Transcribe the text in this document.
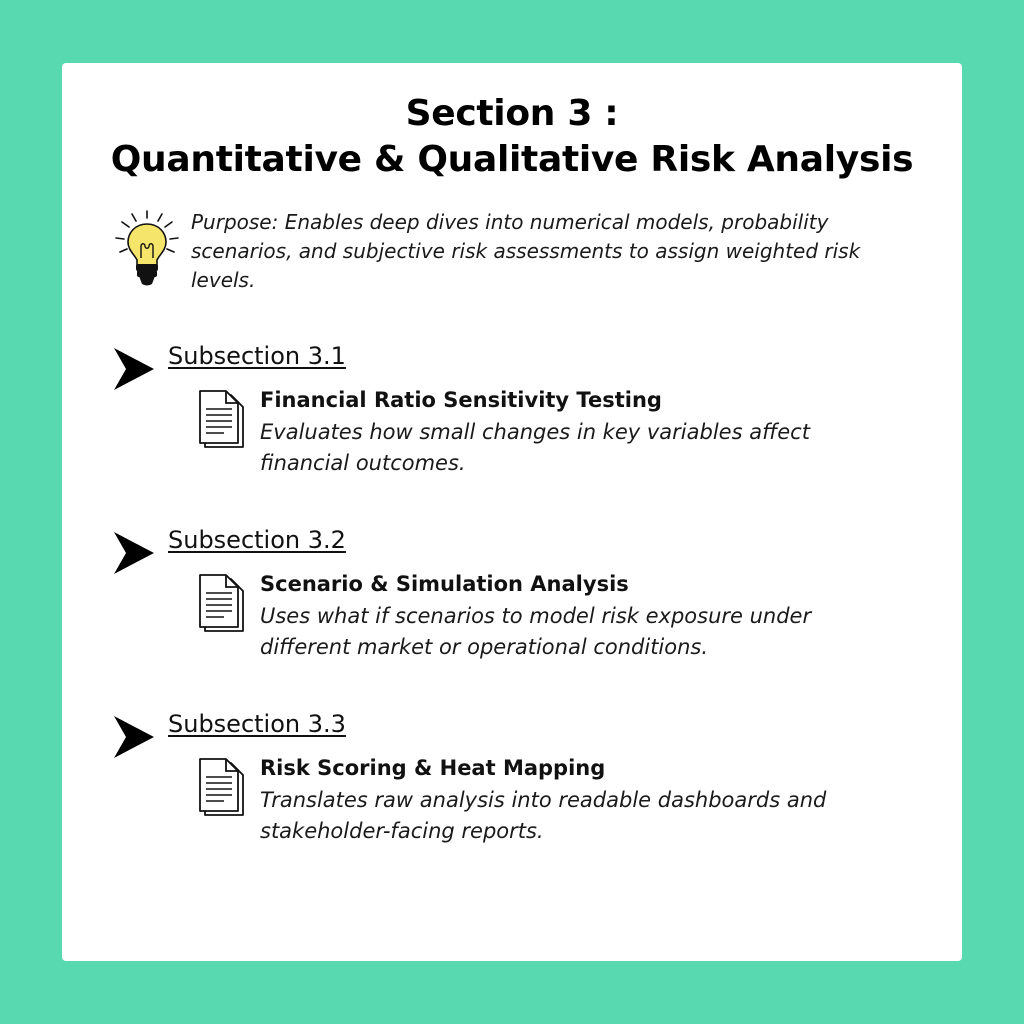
Section 3 :
Quantitative & Qualitative Risk Analysis
Purpose: Enables deep dives into numerical models, probability scenarios, and subjective risk assessments to assign weighted risk levels.
Subsection 3.1
Financial Ratio Sensitivity Testing
Evaluates how small changes in key variables affect financial outcomes.
Subsection 3.2
Scenario & Simulation Analysis
Uses what if scenarios to model risk exposure under different market or operational conditions.
Subsection 3.3
Risk Scoring & Heat Mapping
Translates raw analysis into readable dashboards and stakeholder-facing reports.
